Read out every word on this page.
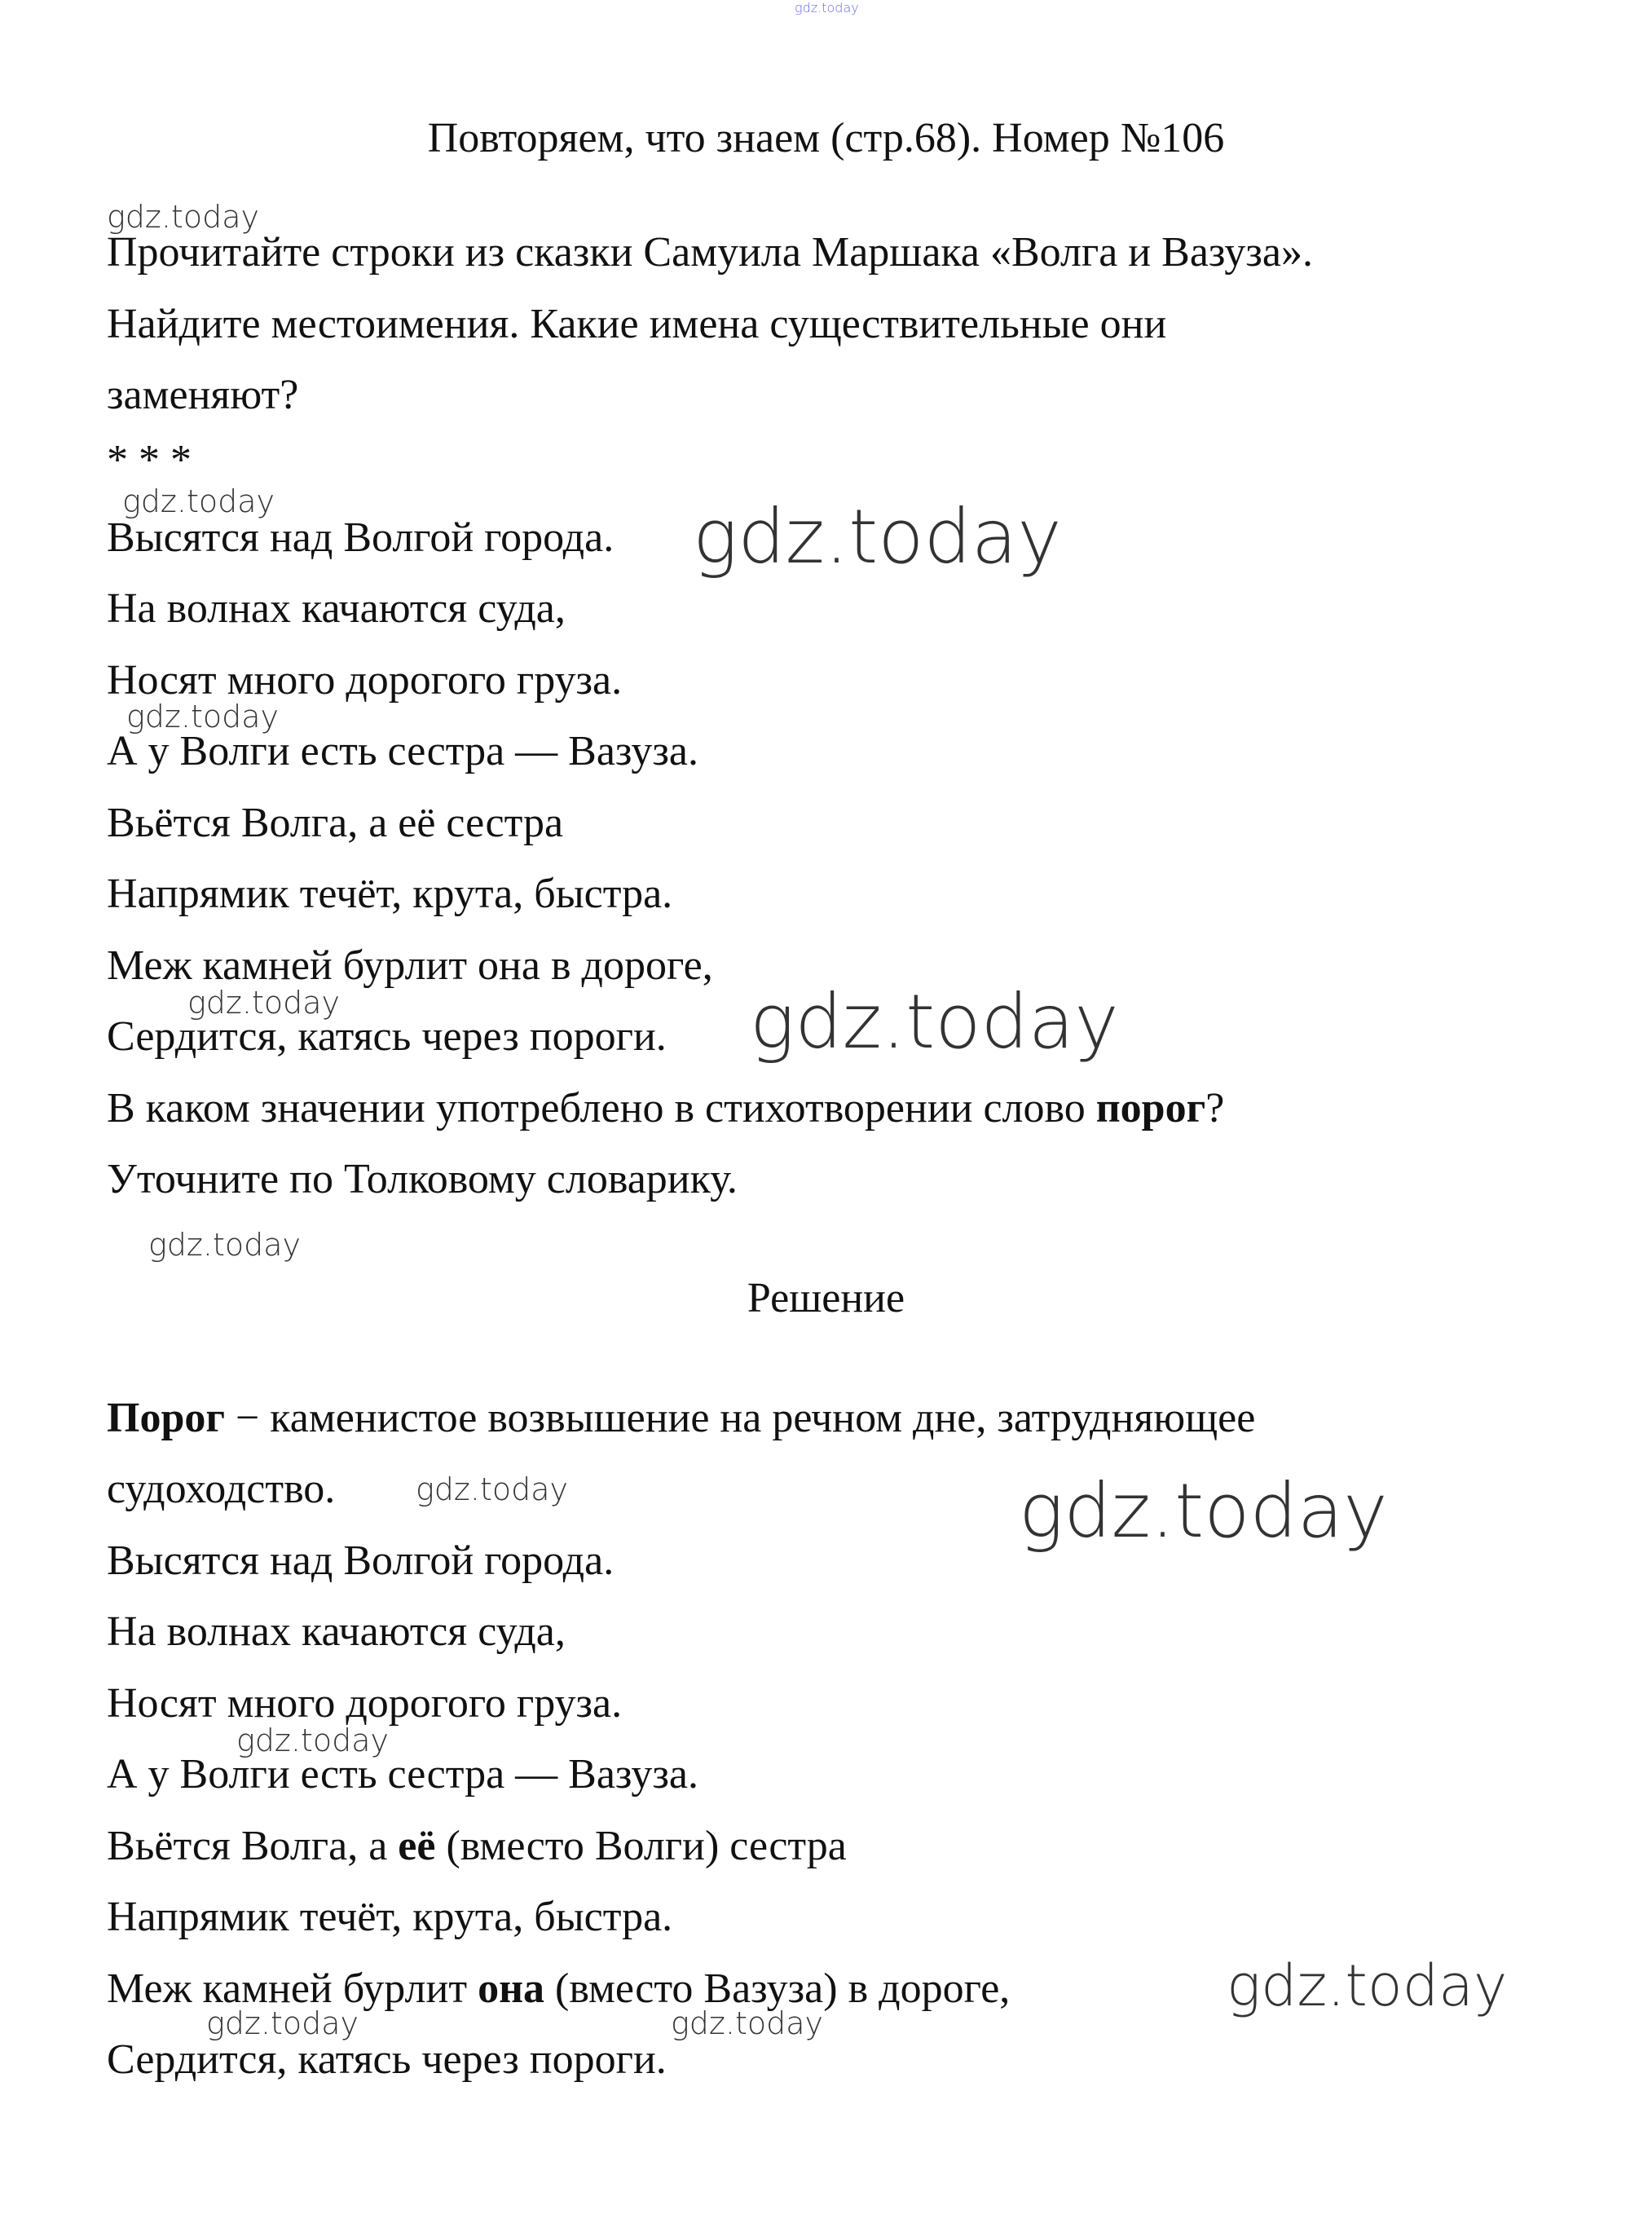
gdz.today
Повторяем, что знаем (стр.68). Номер №106
gdz.today
Прочитайте строки из сказки Самуила Маршака «Волга и Вазуза».
Найдите местоимения. Какие имена существительные они
заменяют?
* * *
gdz.today
Высятся над Волгой города. gdz.today
На волнах качаются суда,
Носят много дорогого груза.
gdz.today
А у Волги есть сестра — Вазуза.
Вьётся Волга, а её сестра
Напрямик течёт, крута, быстра.
Меж камней бурлит она в дороге,
gdz.today
Сердится, катясь через пороги. gdz.today
В каком значении употреблено в стихотворении слово порог?
Уточните по Толковому словарику.
gdz.today
Решение
Порог − каменистое возвышение на речном дне, затрудняющее
судоходство.	gdz.today	gdz.today
Высятся над Волгой города.
На волнах качаются суда,
Носят много дорогого груза.
gdz.today
А у Волги есть сестра — Вазуза.
Вьётся Волга, а её (вместо Волги) сестра
Напрямик течёт, крута, быстра.
Меж камней бурлит она (вместо Вазуза) в дороге,	gdz.today
gdz.today	gdz.today
Сердится, катясь через пороги.
